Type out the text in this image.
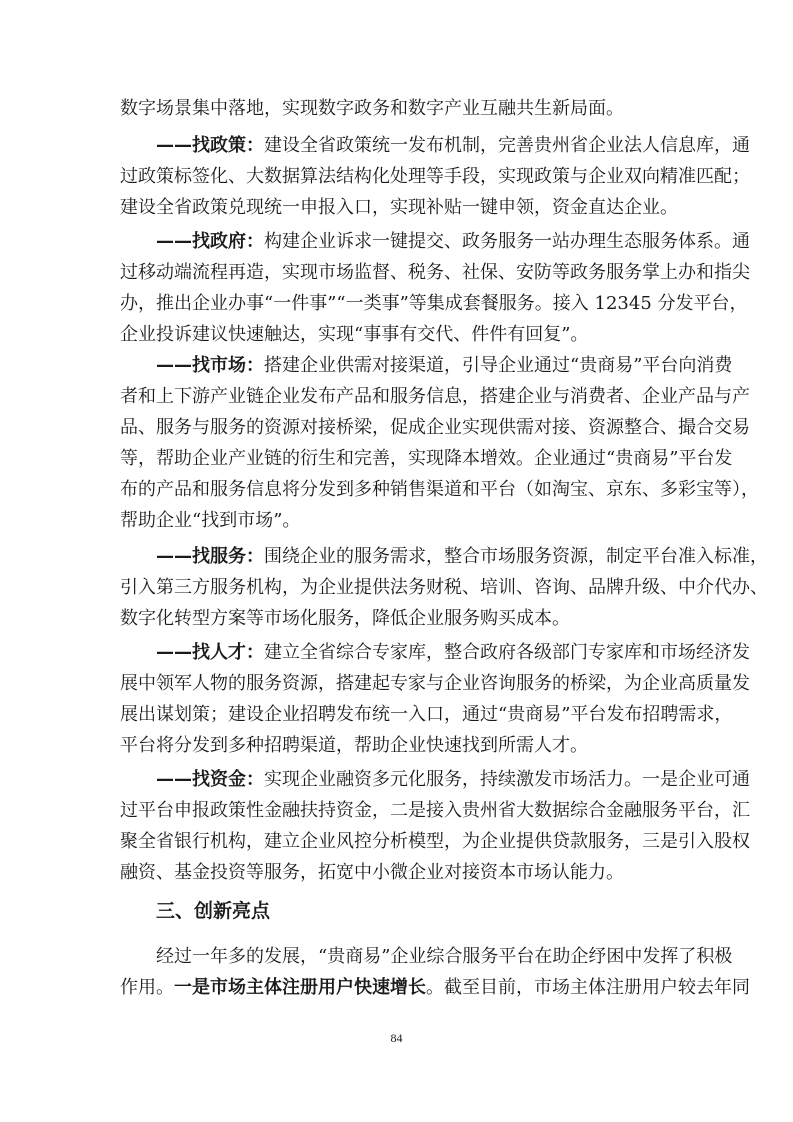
数字场景集中落地，实现数字政务和数字产业互融共生新局面。
——找政策：建设全省政策统一发布机制，完善贵州省企业法人信息库，通
过政策标签化、大数据算法结构化处理等手段，实现政策与企业双向精准匹配；
建设全省政策兑现统一申报入口，实现补贴一键申领，资金直达企业。
——找政府：构建企业诉求一键提交、政务服务一站办理生态服务体系。通
过移动端流程再造，实现市场监督、税务、社保、安防等政务服务掌上办和指尖
办，推出企业办事“一件事”“一类事”等集成套餐服务。接入 12345 分发平台，
企业投诉建议快速触达，实现“事事有交代、件件有回复”。
——找市场：搭建企业供需对接渠道，引导企业通过“贵商易”平台向消费
者和上下游产业链企业发布产品和服务信息，搭建企业与消费者、企业产品与产
品、服务与服务的资源对接桥梁，促成企业实现供需对接、资源整合、撮合交易
等，帮助企业产业链的衍生和完善，实现降本增效。企业通过“贵商易”平台发
布的产品和服务信息将分发到多种销售渠道和平台（如淘宝、京东、多彩宝等），
帮助企业“找到市场”。
——找服务：围绕企业的服务需求，整合市场服务资源，制定平台准入标准，
引入第三方服务机构，为企业提供法务财税、培训、咨询、品牌升级、中介代办、
数字化转型方案等市场化服务，降低企业服务购买成本。
——找人才：建立全省综合专家库，整合政府各级部门专家库和市场经济发
展中领军人物的服务资源，搭建起专家与企业咨询服务的桥梁，为企业高质量发
展出谋划策；建设企业招聘发布统一入口，通过“贵商易”平台发布招聘需求，
平台将分发到多种招聘渠道，帮助企业快速找到所需人才。
——找资金：实现企业融资多元化服务，持续激发市场活力。一是企业可通
过平台申报政策性金融扶持资金，二是接入贵州省大数据综合金融服务平台，汇
聚全省银行机构，建立企业风控分析模型，为企业提供贷款服务，三是引入股权
融资、基金投资等服务，拓宽中小微企业对接资本市场认能力。
三、创新亮点
经过一年多的发展，“贵商易”企业综合服务平台在助企纾困中发挥了积极
作用。一是市场主体注册用户快速增长。截至目前，市场主体注册用户较去年同
84
